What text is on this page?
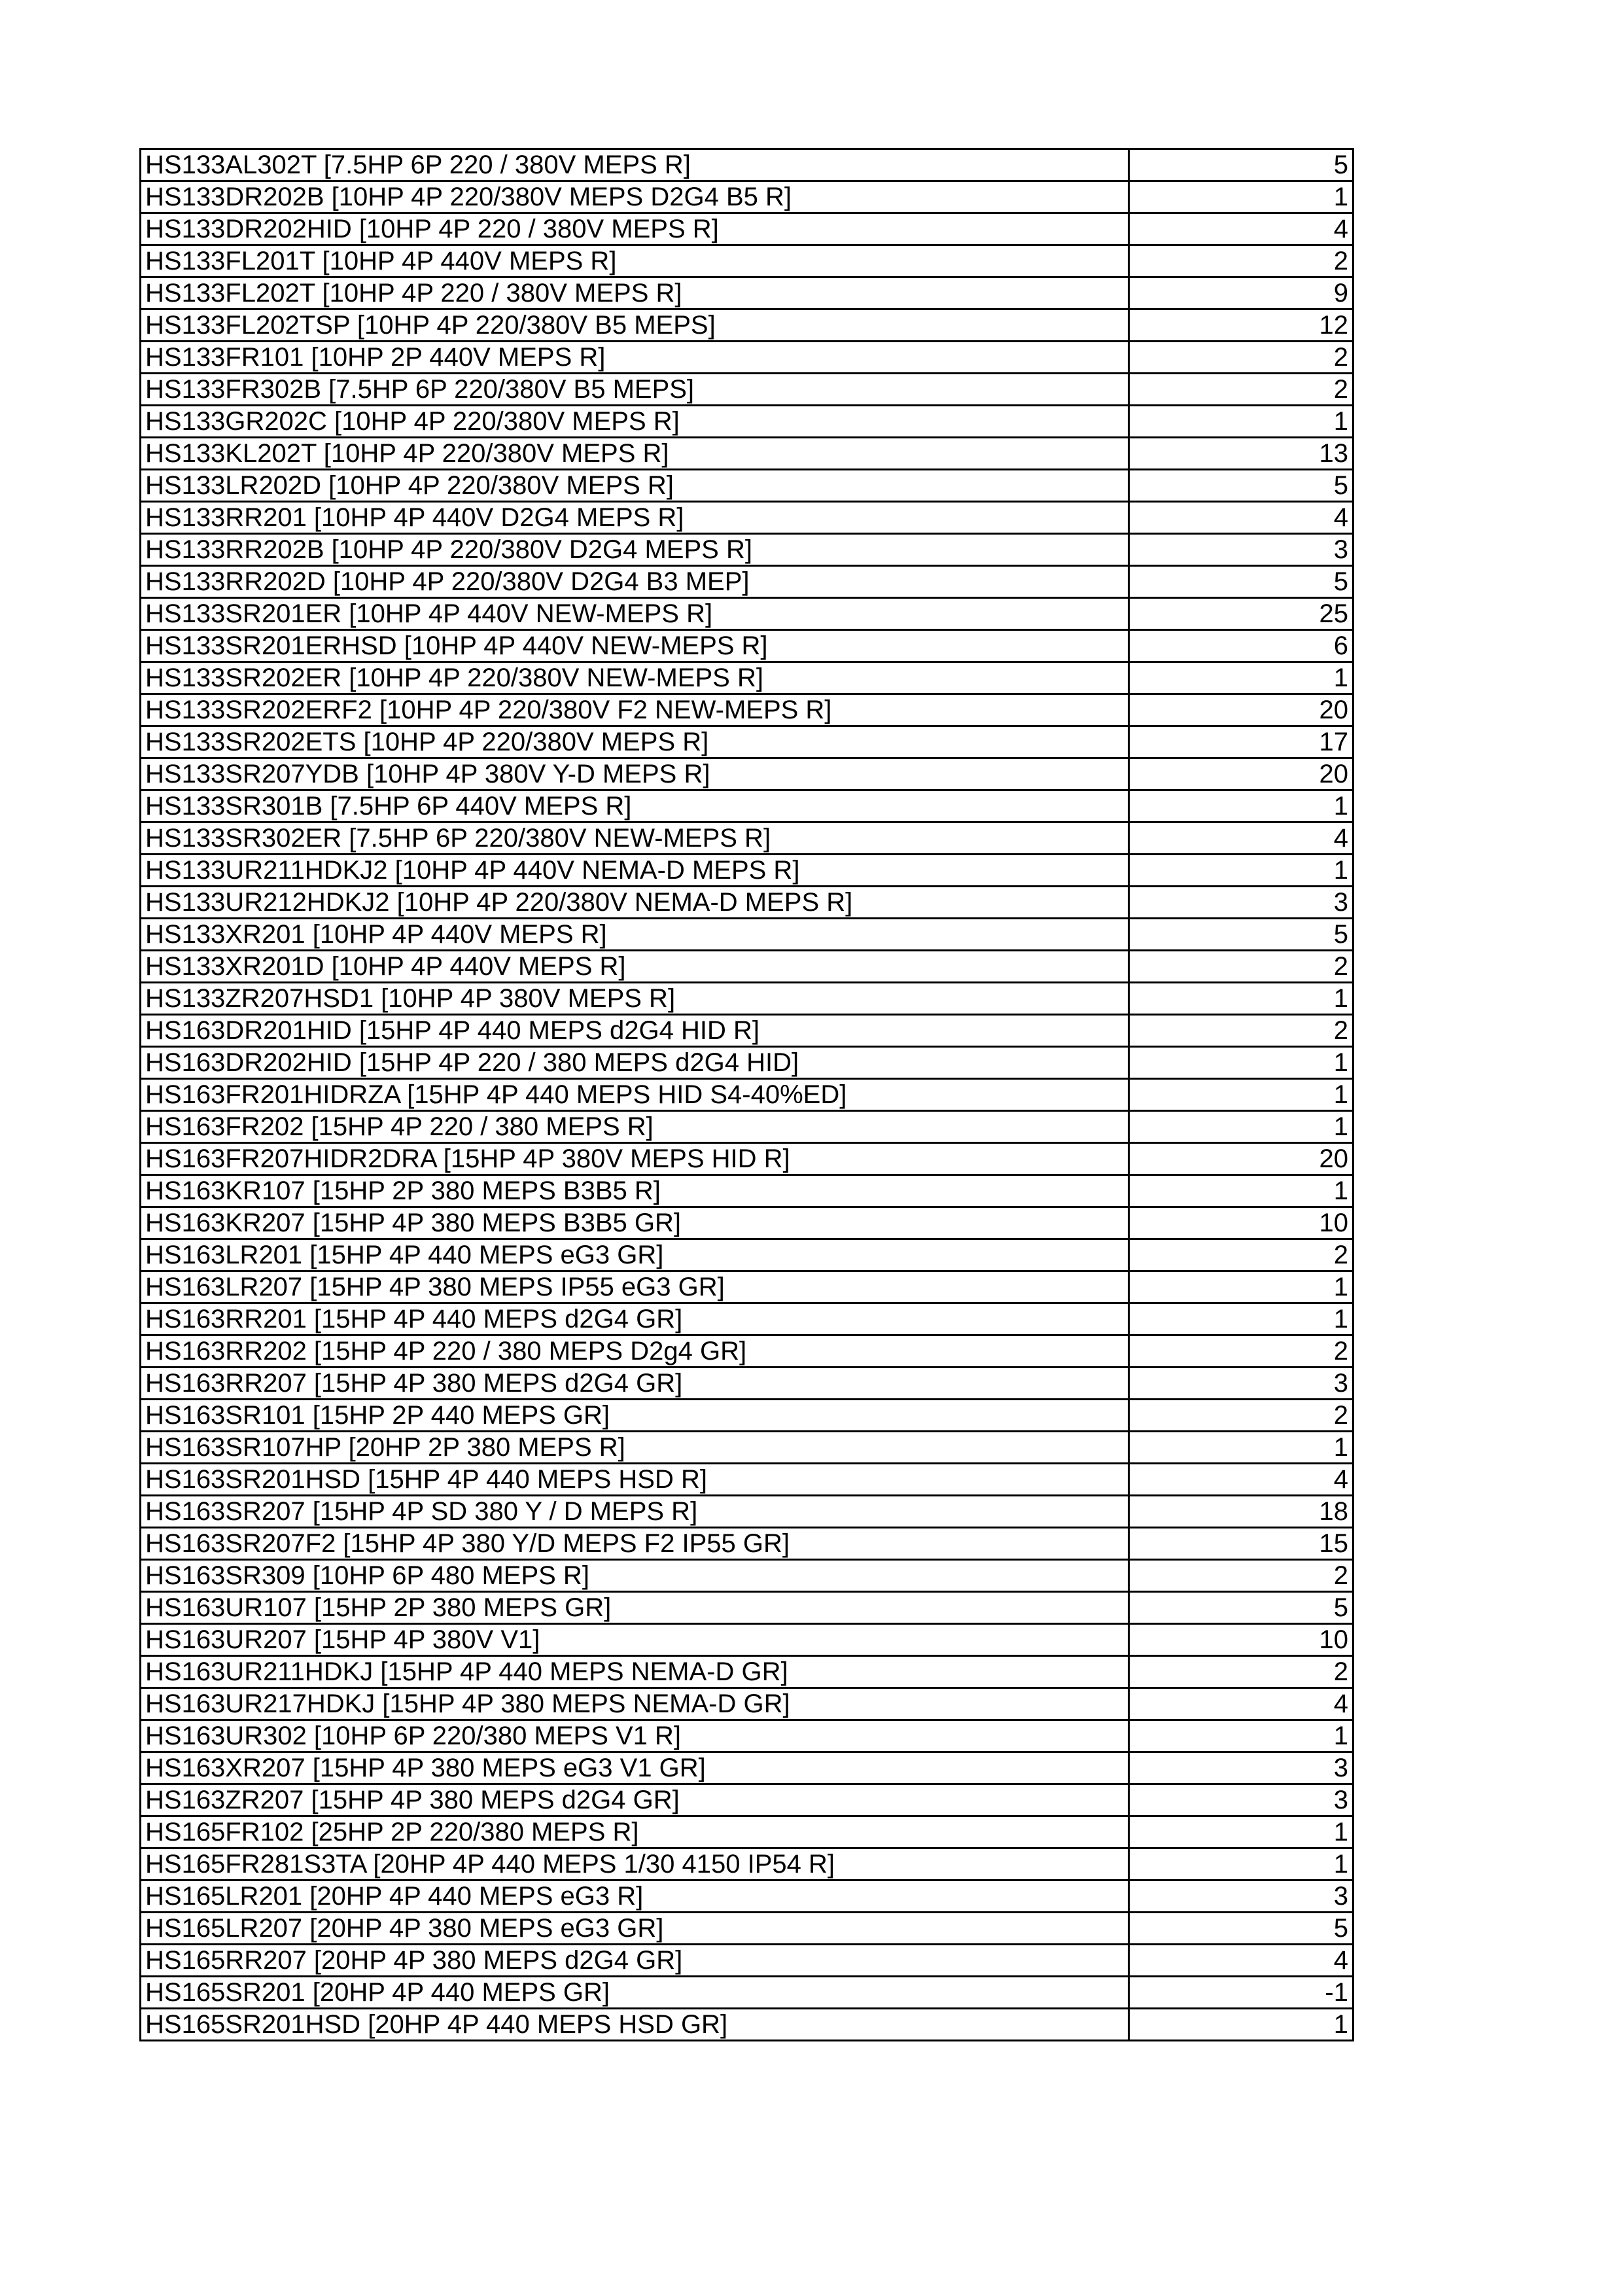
HS133AL302T [7.5HP 6P 220 / 380V MEPS R]	5
HS133DR202B [10HP 4P 220/380V MEPS D2G4 B5 R]	1
HS133DR202HID [10HP 4P 220 / 380V MEPS R]	4
HS133FL201T [10HP 4P 440V MEPS R]	2
HS133FL202T [10HP 4P 220 / 380V MEPS R]	9
HS133FL202TSP [10HP 4P 220/380V B5 MEPS]	12
HS133FR101 [10HP 2P 440V MEPS R]	2
HS133FR302B [7.5HP 6P 220/380V B5 MEPS]	2
HS133GR202C [10HP 4P 220/380V MEPS R]	1
HS133KL202T [10HP 4P 220/380V MEPS R]	13
HS133LR202D [10HP 4P 220/380V MEPS R]	5
HS133RR201 [10HP 4P 440V D2G4 MEPS R]	4
HS133RR202B [10HP 4P 220/380V D2G4 MEPS R]	3
HS133RR202D [10HP 4P 220/380V D2G4 B3 MEP]	5
HS133SR201ER [10HP 4P 440V NEW-MEPS R]	25
HS133SR201ERHSD [10HP 4P 440V NEW-MEPS R]	6
HS133SR202ER [10HP 4P 220/380V NEW-MEPS R]	1
HS133SR202ERF2 [10HP 4P 220/380V F2 NEW-MEPS R]	20
HS133SR202ETS [10HP 4P 220/380V MEPS R]	17
HS133SR207YDB [10HP 4P 380V Y-D MEPS R]	20
HS133SR301B [7.5HP 6P 440V MEPS R]	1
HS133SR302ER [7.5HP 6P 220/380V NEW-MEPS R]	4
HS133UR211HDKJ2 [10HP 4P 440V NEMA-D MEPS R]	1
HS133UR212HDKJ2 [10HP 4P 220/380V NEMA-D MEPS R]	3
HS133XR201 [10HP 4P 440V MEPS R]	5
HS133XR201D [10HP 4P 440V MEPS R]	2
HS133ZR207HSD1 [10HP 4P 380V MEPS R]	1
HS163DR201HID [15HP 4P 440 MEPS d2G4 HID R]	2
HS163DR202HID [15HP 4P 220 / 380 MEPS d2G4 HID]	1
HS163FR201HIDRZA [15HP 4P 440 MEPS HID S4-40%ED]	1
HS163FR202 [15HP 4P 220 / 380 MEPS R]	1
HS163FR207HIDR2DRA [15HP 4P 380V MEPS HID R]	20
HS163KR107 [15HP 2P 380 MEPS B3B5 R]	1
HS163KR207 [15HP 4P 380 MEPS B3B5 GR]	10
HS163LR201 [15HP 4P 440 MEPS eG3 GR]	2
HS163LR207 [15HP 4P 380 MEPS IP55 eG3 GR]	1
HS163RR201 [15HP 4P 440 MEPS d2G4 GR]	1
HS163RR202 [15HP 4P 220 / 380 MEPS D2g4 GR]	2
HS163RR207 [15HP 4P 380 MEPS d2G4 GR]	3
HS163SR101 [15HP 2P 440 MEPS GR]	2
HS163SR107HP [20HP 2P 380 MEPS R]	1
HS163SR201HSD [15HP 4P 440 MEPS HSD R]	4
HS163SR207 [15HP 4P SD 380 Y / D MEPS R]	18
HS163SR207F2 [15HP 4P 380 Y/D MEPS F2 IP55 GR]	15
HS163SR309 [10HP 6P 480 MEPS R]	2
HS163UR107 [15HP 2P 380 MEPS GR]	5
HS163UR207 [15HP 4P 380V V1]	10
HS163UR211HDKJ [15HP 4P 440 MEPS NEMA-D GR]	2
HS163UR217HDKJ [15HP 4P 380 MEPS NEMA-D GR]	4
HS163UR302 [10HP 6P 220/380 MEPS V1 R]	1
HS163XR207 [15HP 4P 380 MEPS eG3 V1 GR]	3
HS163ZR207 [15HP 4P 380 MEPS d2G4 GR]	3
HS165FR102 [25HP 2P 220/380 MEPS R]	1
HS165FR281S3TA [20HP 4P 440 MEPS 1/30 4150 IP54 R]	1
HS165LR201 [20HP 4P 440 MEPS eG3 R]	3
HS165LR207 [20HP 4P 380 MEPS eG3 GR]	5
HS165RR207 [20HP 4P 380 MEPS d2G4 GR]	4
HS165SR201 [20HP 4P 440 MEPS GR]	-1
HS165SR201HSD [20HP 4P 440 MEPS HSD GR]	1
